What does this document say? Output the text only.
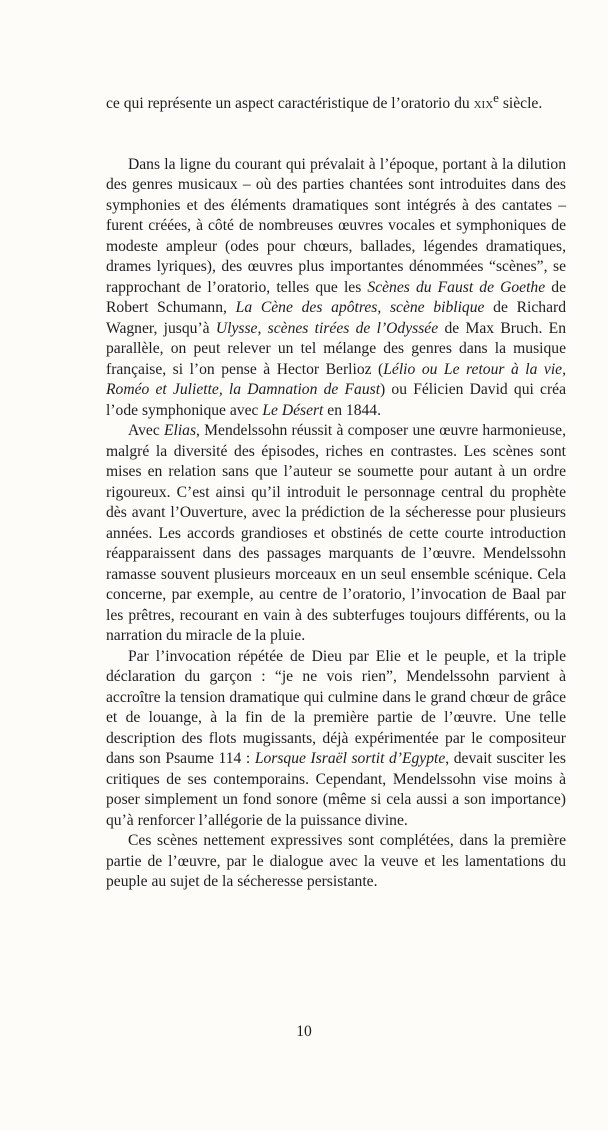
ce qui représente un aspect caractéristique de l’oratorio du xix$^e$ siècle.

Dans la ligne du courant qui prévalait à l’époque, portant à la dilution des genres musicaux – où des parties chantées sont introduites dans des symphonies et des éléments dramatiques sont intégrés à des cantates – furent créées, à côté de nombreuses œuvres vocales et symphoniques de modeste ampleur (odes pour chœurs, ballades, légendes dramatiques, drames lyriques), des œuvres plus importantes dénommées “scènes”, se rapprochant de l’oratorio, telles que les Scènes du Faust de Goethe de Robert Schumann, La Cène des apôtres, scène biblique de Richard Wagner, jusqu’à Ulysse, scènes tirées de l’Odyssée de Max Bruch. En parallèle, on peut relever un tel mélange des genres dans la musique française, si l’on pense à Hector Berlioz (Lélio ou Le retour à la vie, Roméo et Juliette, la Damnation de Faust) ou Félicien David qui créa l’ode symphonique avec Le Désert en 1844.

Avec Elias, Mendelssohn réussit à composer une œuvre harmonieuse, malgré la diversité des épisodes, riches en contrastes. Les scènes sont mises en relation sans que l’auteur se soumette pour autant à un ordre rigoureux. C’est ainsi qu’il introduit le personnage central du prophète dès avant l’Ouverture, avec la prédiction de la sécheresse pour plusieurs années. Les accords grandioses et obstinés de cette courte introduction réapparaissent dans des passages marquants de l’œuvre. Mendelssohn ramasse souvent plusieurs morceaux en un seul ensemble scénique. Cela concerne, par exemple, au centre de l’oratorio, l’invocation de Baal par les prêtres, recourant en vain à des subterfuges toujours différents, ou la narration du miracle de la pluie.

Par l’invocation répétée de Dieu par Elie et le peuple, et la triple déclaration du garçon : “je ne vois rien”, Mendelssohn parvient à accroître la tension dramatique qui culmine dans le grand chœur de grâce et de louange, à la fin de la première partie de l’œuvre. Une telle description des flots mugissants, déjà expérimentée par le compositeur dans son Psaume 114 : Lorsque Israël sortit d’Egypte, devait susciter les critiques de ses contemporains. Cependant, Mendelssohn vise moins à poser simplement un fond sonore (même si cela aussi a son importance) qu’à renforcer l’allégorie de la puissance divine.

Ces scènes nettement expressives sont complétées, dans la première partie de l’œuvre, par le dialogue avec la veuve et les lamentations du peuple au sujet de la sécheresse persistante.

10
